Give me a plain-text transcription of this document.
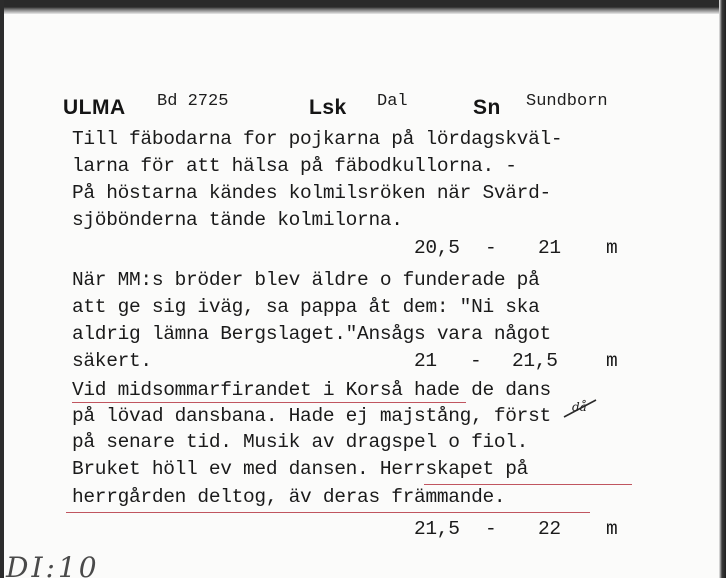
ULMA Bd 2725	Lsk Dal	Sn Sundborn
Till fäbodarna for pojkarna på lördagskväl-
larna för att hälsa på fäbodkullorna. -
På höstarna kändes kolmilsröken när Svärd-
sjöbönderna tände kolmilorna.
20,5 - 21 m
När MM:s bröder blev äldre o funderade på
att ge sig iväg, sa pappa åt dem: "Ni ska
aldrig lämna Bergslaget."Ansågs vara något
säkert.	21 - 21,5 m
Vid midsommarfirandet i Korså hade de dans
på lövad dansbana. Hade ej majstång, först
på senare tid. Musik av dragspel o fiol.
Bruket höll ev med dansen. Herrskapet på
herrgården deltog, äv deras främmande.
21,5 - 22 m
då
DI:10
